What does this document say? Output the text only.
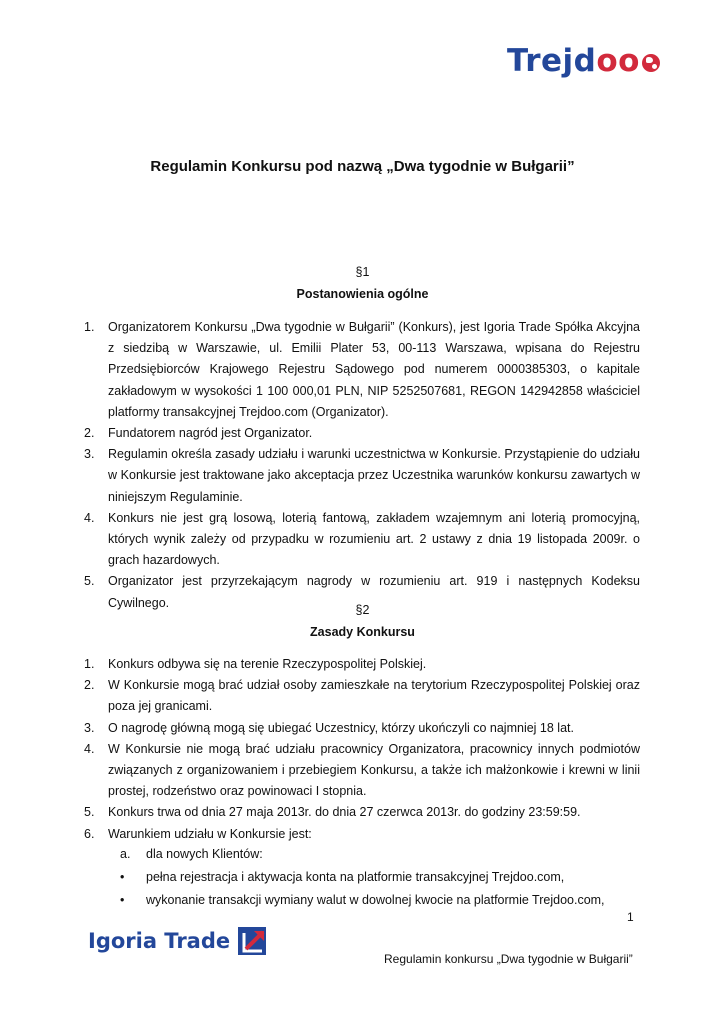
Trejd oo
Regulamin Konkursu pod nazwą „Dwa tygodnie w Bułgarii”
§1
Postanowienia ogólne
1. Organizatorem Konkursu „Dwa tygodnie w Bułgarii” (Konkurs), jest Igoria Trade Spółka Akcyjna z siedzibą w Warszawie, ul. Emilii Plater 53, 00-113 Warszawa, wpisana do Rejestru Przedsiębiorców Krajowego Rejestru Sądowego pod numerem 0000385303, o kapitale zakładowym w wysokości 1 100 000,01 PLN, NIP 5252507681, REGON 142942858 właściciel platformy transakcyjnej Trejdoo.com (Organizator).
2. Fundatorem nagród jest Organizator.
3. Regulamin określa zasady udziału i warunki uczestnictwa w Konkursie. Przystąpienie do udziału w Konkursie jest traktowane jako akceptacja przez Uczestnika warunków konkursu zawartych w niniejszym Regulaminie.
4. Konkurs nie jest grą losową, loterią fantową, zakładem wzajemnym ani loterią promocyjną, których wynik zależy od przypadku w rozumieniu art. 2 ustawy z dnia 19 listopada 2009r. o grach hazardowych.
5. Organizator jest przyrzekającym nagrody w rozumieniu art. 919 i następnych Kodeksu Cywilnego.
§2
Zasady Konkursu
1. Konkurs odbywa się na terenie Rzeczypospolitej Polskiej.
2. W Konkursie mogą brać udział osoby zamieszkałe na terytorium Rzeczypospolitej Polskiej oraz poza jej granicami.
3. O nagrodę główną mogą się ubiegać Uczestnicy, którzy ukończyli co najmniej 18 lat.
4. W Konkursie nie mogą brać udziału pracownicy Organizatora, pracownicy innych podmiotów związanych z organizowaniem i przebiegiem Konkursu, a także ich małżonkowie i krewni w linii prostej, rodzeństwo oraz powinowaci I stopnia.
5. Konkurs trwa od dnia 27 maja 2013r. do dnia 27 czerwca 2013r. do godziny 23:59:59.
6. Warunkiem udziału w Konkursie jest:
a. dla nowych Klientów:
• pełna rejestracja i aktywacja konta na platformie transakcyjnej Trejdoo.com,
• wykonanie transakcji wymiany walut w dowolnej kwocie na platformie Trejdoo.com,
1
Igoria Trade
Regulamin konkursu „Dwa tygodnie w Bułgarii”
